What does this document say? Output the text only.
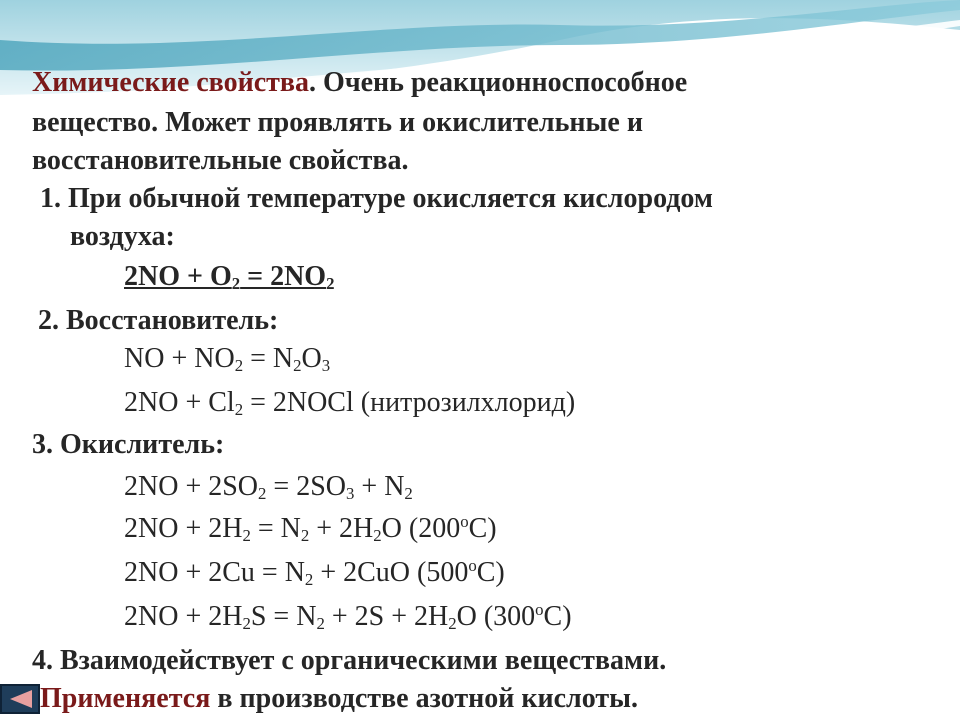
Химические свойства. Очень реакционноспособное
вещество. Может проявлять и окислительные и
восстановительные свойства.
1. При обычной температуре окисляется кислородом
воздуха:
$2NO + O_2 = 2NO_2$
2. Восстановитель:
NO + $NO_2 = N_2O_3$
$2NO + Cl_2$ = 2NOCl (нитрозилхлорид)
3. Окислитель:
$2NO + 2SO_2 = 2SO_3 + N_2$
$2NO + 2H_2 = N_2 + 2H_2O$ (200$^o$С)
$2NO + 2Cu = N_2 + 2CuO$ (500$^o$С)
$2NO + 2H_2S = N_2 + 2S + 2H_2O$ (300$^o$С)
4. Взаимодействует с органическими веществами.
Применяется в производстве азотной кислоты.
